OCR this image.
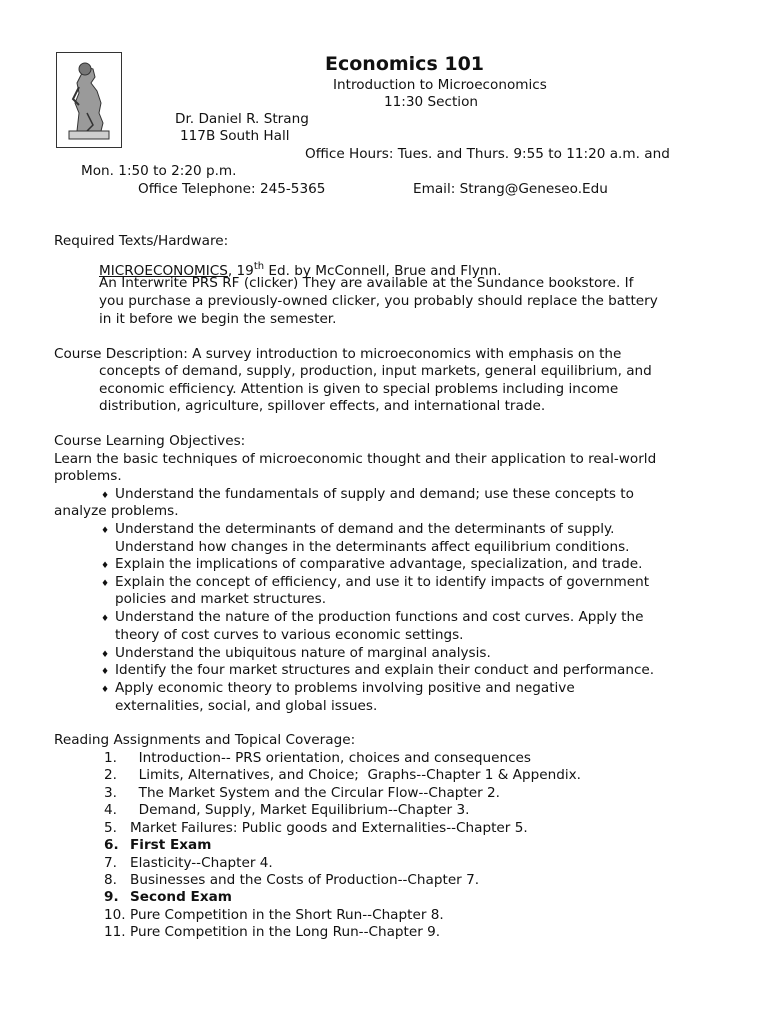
Economics 101
Introduction to Microeconomics
11:30 Section
Dr. Daniel R. Strang
117B South Hall
Office Hours: Tues. and Thurs. 9:55 to 11:20 a.m. and
Mon. 1:50 to 2:20 p.m.
Office Telephone: 245-5365	Email: Strang@Geneseo.Edu
Required Texts/Hardware:
MICROECONOMICS, 19th Ed. by McConnell, Brue and Flynn.
An Interwrite PRS RF (clicker) They are available at the Sundance bookstore. If
you purchase a previously-owned clicker, you probably should replace the battery
in it before we begin the semester.
Course Description: A survey introduction to microeconomics with emphasis on the
concepts of demand, supply, production, input markets, general equilibrium, and
economic efficiency. Attention is given to special problems including income
distribution, agriculture, spillover effects, and international trade.
Course Learning Objectives:
Learn the basic techniques of microeconomic thought and their application to real-world
problems.
♦ Understand the fundamentals of supply and demand; use these concepts to
analyze problems.
♦ Understand the determinants of demand and the determinants of supply.
Understand how changes in the determinants affect equilibrium conditions.
♦ Explain the implications of comparative advantage, specialization, and trade.
♦ Explain the concept of efficiency, and use it to identify impacts of government
policies and market structures.
♦ Understand the nature of the production functions and cost curves. Apply the
theory of cost curves to various economic settings.
♦ Understand the ubiquitous nature of marginal analysis.
♦ Identify the four market structures and explain their conduct and performance.
♦ Apply economic theory to problems involving positive and negative
externalities, social, and global issues.
Reading Assignments and Topical Coverage:
1.  Introduction-- PRS orientation, choices and consequences
2.  Limits, Alternatives, and Choice;  Graphs--Chapter 1 & Appendix.
3.  The Market System and the Circular Flow--Chapter 2.
4.  Demand, Supply, Market Equilibrium--Chapter 3.
5. Market Failures: Public goods and Externalities--Chapter 5.
6. First Exam
7. Elasticity--Chapter 4.
8. Businesses and the Costs of Production--Chapter 7.
9. Second Exam
10. Pure Competition in the Short Run--Chapter 8.
11. Pure Competition in the Long Run--Chapter 9.
